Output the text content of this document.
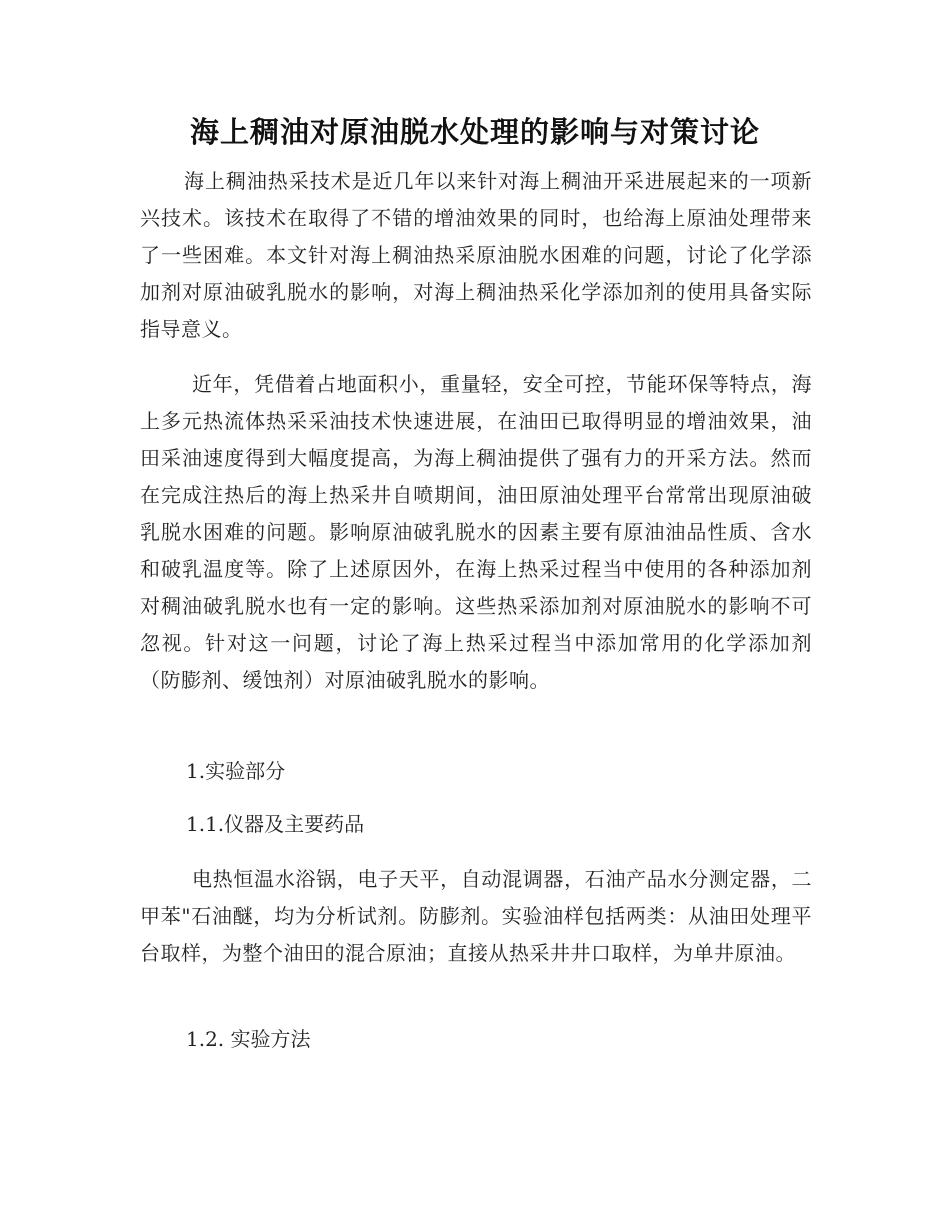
海上稠油对原油脱水处理的影响与对策讨论

海上稠油热采技术是近几年以来针对海上稠油开采进展起来的一项新兴技术。该技术在取得了不错的增油效果的同时，也给海上原油处理带来了一些困难。本文针对海上稠油热采原油脱水困难的问题，讨论了化学添加剂对原油破乳脱水的影响，对海上稠油热采化学添加剂的使用具备实际指导意义。

近年，凭借着占地面积小，重量轻，安全可控，节能环保等特点，海上多元热流体热采采油技术快速进展，在油田已取得明显的增油效果，油田采油速度得到大幅度提高，为海上稠油提供了强有力的开采方法。然而在完成注热后的海上热采井自喷期间，油田原油处理平台常常出现原油破乳脱水困难的问题。影响原油破乳脱水的因素主要有原油油品性质、含水和破乳温度等。除了上述原因外，在海上热采过程当中使用的各种添加剂对稠油破乳脱水也有一定的影响。这些热采添加剂对原油脱水的影响不可忽视。针对这一问题，讨论了海上热采过程当中添加常用的化学添加剂（防膨剂、缓蚀剂）对原油破乳脱水的影响。

1.实验部分

1.1.仪器及主要药品

电热恒温水浴锅，电子天平，自动混调器，石油产品水分测定器，二甲苯"石油醚，均为分析试剂。防膨剂。实验油样包括两类：从油田处理平台取样，为整个油田的混合原油；直接从热采井井口取样，为单井原油。

1.2. 实验方法
